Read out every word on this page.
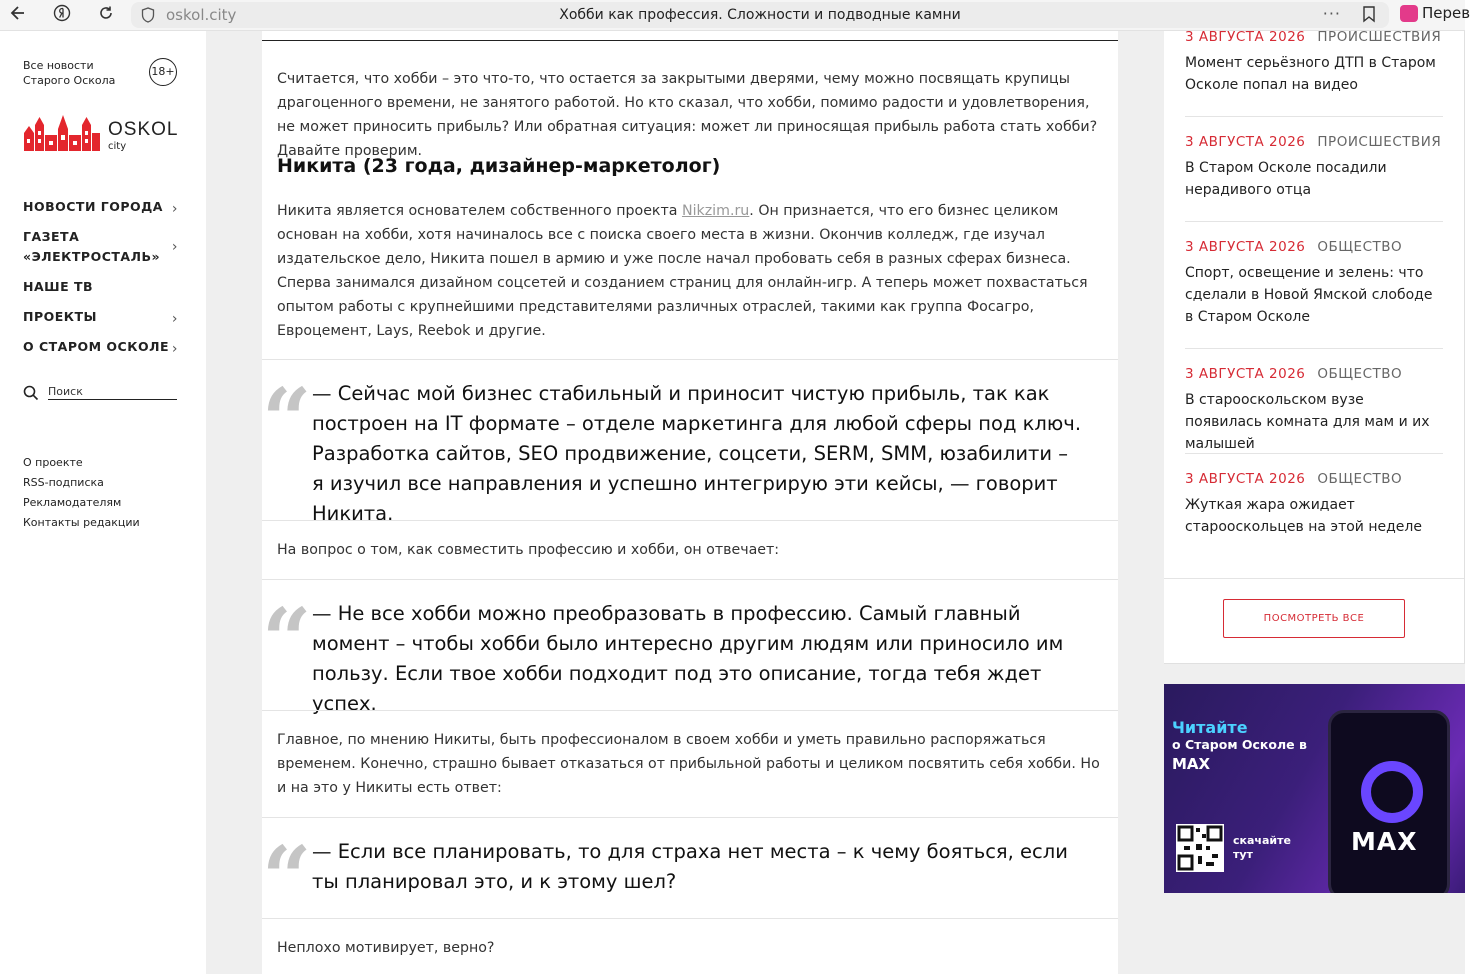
oskol.city	Хобби как профессия. Сложности и подводные камни	···	Перев
Все новости
Старого Оскола
18+
OSKOL
city
НОВОСТИ ГОРОДА ›
ГАЗЕТА «ЭЛЕКТРОСТАЛЬ»
›
НАШЕ ТВ
ПРОЕКТЫ	›
О СТАРОМ ОСКОЛЕ ›
Поиск
О проекте
RSS-подписка
Рекламодателям
Контакты редакции
Считается, что хобби – это что-то, что остается за закрытыми дверями, чему можно посвящать крупицы драгоценного времени, не занятого работой. Но кто сказал, что хобби, помимо радости и удовлетворения, не может приносить прибыль? Или обратная ситуация: может ли приносящая прибыль работа стать хобби? Давайте проверим.
Никита (23 года, дизайнер-маркетолог)
Никита является основателем собственного проекта Nikzim.ru. Он признается, что его бизнес целиком основан на хобби, хотя начиналось все с поиска своего места в жизни. Окончив колледж, где изучал издательское дело, Никита пошел в армию и уже после начал пробовать себя в разных сферах бизнеса. Сперва занимался дизайном соцсетей и созданием страниц для онлайн-игр. А теперь может похвастаться опытом работы с крупнейшими представителями различных отраслей, такими как группа Фосагро, Евроцемент, Lays, Reebok и другие.
“ — Сейчас мой бизнес стабильный и приносит чистую прибыль, так как построен на IT формате – отделе маркетинга для любой сферы под ключ. Разработка сайтов, SEO продвижение, соцсети, SERM, SMM, юзабилити – я изучил все направления и успешно интегрирую эти кейсы, — говорит Никита.
На вопрос о том, как совместить профессию и хобби, он отвечает:
“ — Не все хобби можно преобразовать в профессию. Самый главный момент – чтобы хобби было интересно другим людям или приносило им пользу. Если твое хобби подходит под это описание, тогда тебя ждет успех.
Главное, по мнению Никиты, быть профессионалом в своем хобби и уметь правильно распоряжаться временем. Конечно, страшно бывает отказаться от прибыльной работы и целиком посвятить себя хобби. Но и на это у Никиты есть ответ:
“ — Если все планировать, то для страха нет места – к чему бояться, если ты планировал это, и к этому шел?
Неплохо мотивирует, верно?
3 АВГУСТА 2026 ПРОИСШЕСТВИЯ
Момент серьёзного ДТП в Старом Осколе попал на видео
3 АВГУСТА 2026 ПРОИСШЕСТВИЯ
В Старом Осколе посадили нерадивого отца
3 АВГУСТА 2026 ОБЩЕСТВО
Спорт, освещение и зелень: что сделали в Новой Ямской слободе в Старом Осколе
3 АВГУСТА 2026 ОБЩЕСТВО
В старооскольском вузе появилась комната для мам и их малышей
3 АВГУСТА 2026 ОБЩЕСТВО
Жуткая жара ожидает старооскольцев на этой неделе
ПОСМОТРЕТЬ ВСЕ
Читайте
о Старом Осколе в
MAX
скачайте
тут	MAX
